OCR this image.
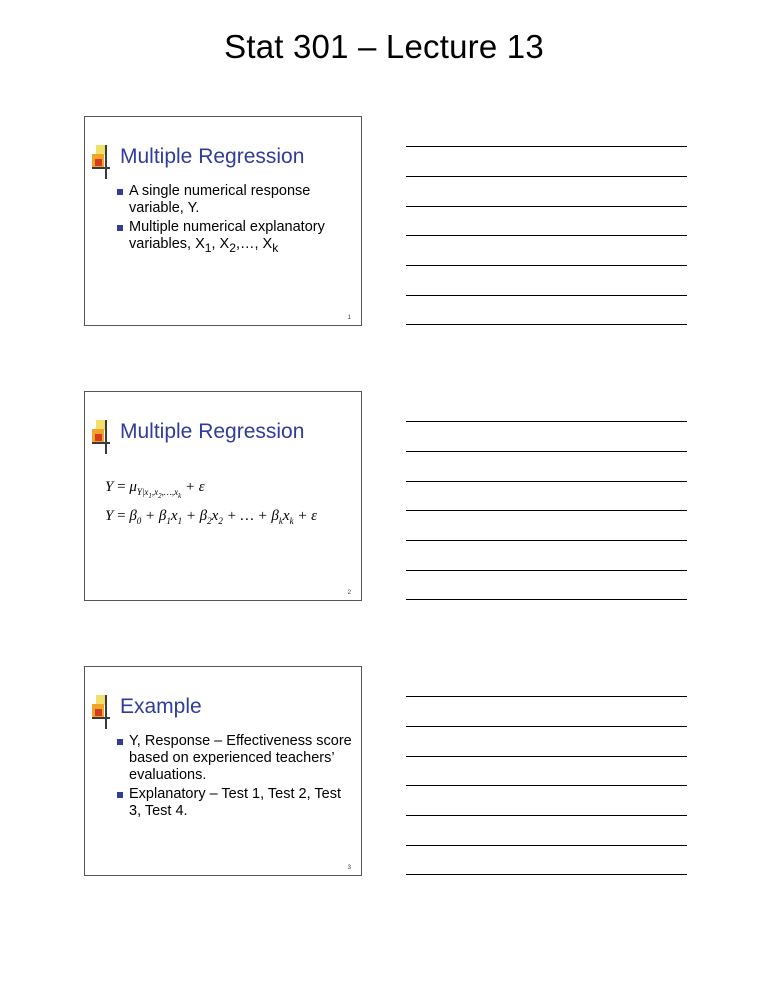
Stat 301 – Lecture 13
Multiple Regression
A single numerical response variable, Y.
Multiple numerical explanatory variables, $X_1$, $X_2,\dots$, $X_k$
1
Multiple Regression
$Y = \mu_{Y|x_1,x_2,\dots,x_k} + \varepsilon$
$Y = \beta_0 + \beta_1x_1 + \beta_2x_2$ + … + $\beta_kx_k + \varepsilon$
2
Example
Y, Response – Effectiveness score based on experienced teachers’ evaluations.
Explanatory – Test 1, Test 2, Test 3, Test 4.
3
